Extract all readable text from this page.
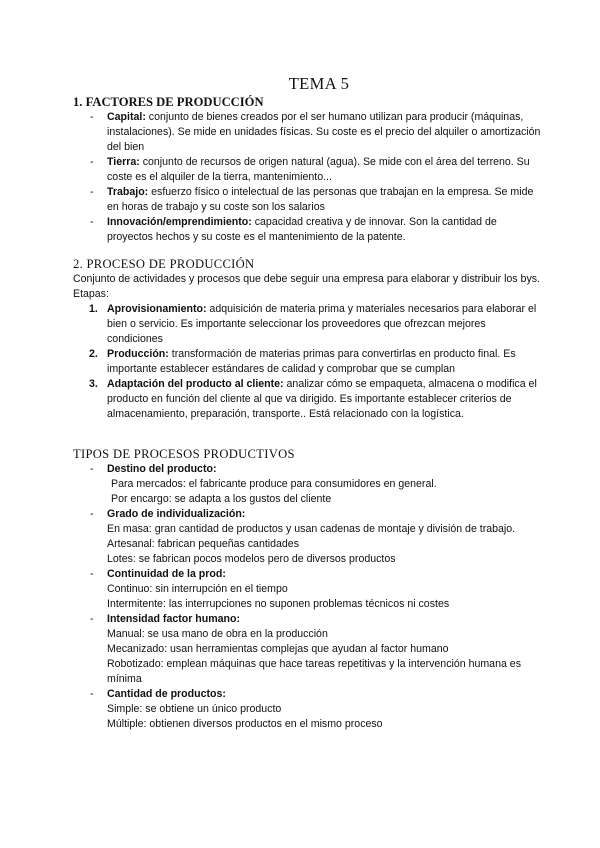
TEMA 5
1. FACTORES DE PRODUCCIÓN
- Capital: conjunto de bienes creados por el ser humano utilizan para producir (máquinas, instalaciones). Se mide en unidades físicas. Su coste es el precio del alquiler o amortización del bien
- Tierra: conjunto de recursos de origen natural (agua). Se mide con el área del terreno. Su coste es el alquiler de la tierra, mantenimiento...
- Trabajo: esfuerzo físico o intelectual de las personas que trabajan en la empresa. Se mide en horas de trabajo y su coste son los salarios
- Innovación/emprendimiento: capacidad creativa y de innovar. Son la cantidad de proyectos hechos y su coste es el mantenimiento de la patente.
2. PROCESO DE PRODUCCIÓN
Conjunto de actividades y procesos que debe seguir una empresa para elaborar y distribuir los bys. Etapas:
1. Aprovisionamiento: adquisición de materia prima y materiales necesarios para elaborar el bien o servicio. Es importante seleccionar los proveedores que ofrezcan mejores condiciones
2. Producción: transformación de materias primas para convertirlas en producto final. Es importante establecer estándares de calidad y comprobar que se cumplan
3. Adaptación del producto al cliente: analizar cómo se empaqueta, almacena o modifica el producto en función del cliente al que va dirigido. Es importante establecer criterios de almacenamiento, preparación, transporte.. Está relacionado con la logística.
TIPOS DE PROCESOS PRODUCTIVOS
- Destino del producto:
Para mercados: el fabricante produce para consumidores en general.
Por encargo: se adapta a los gustos del cliente
- Grado de individualización:
En masa: gran cantidad de productos y usan cadenas de montaje y división de trabajo.
Artesanal: fabrican pequeñas cantidades
Lotes: se fabrican pocos modelos pero de diversos productos
- Continuidad de la prod:
Continuo: sin interrupción en el tiempo
Intermitente: las interrupciones no suponen problemas técnicos ni costes
- Intensidad factor humano:
Manual: se usa mano de obra en la producción
Mecanizado: usan herramientas complejas que ayudan al factor humano
Robotizado: emplean máquinas que hace tareas repetitivas y la intervención humana es mínima
- Cantidad de productos:
Simple: se obtiene un único producto
Múltiple: obtienen diversos productos en el mismo proceso
